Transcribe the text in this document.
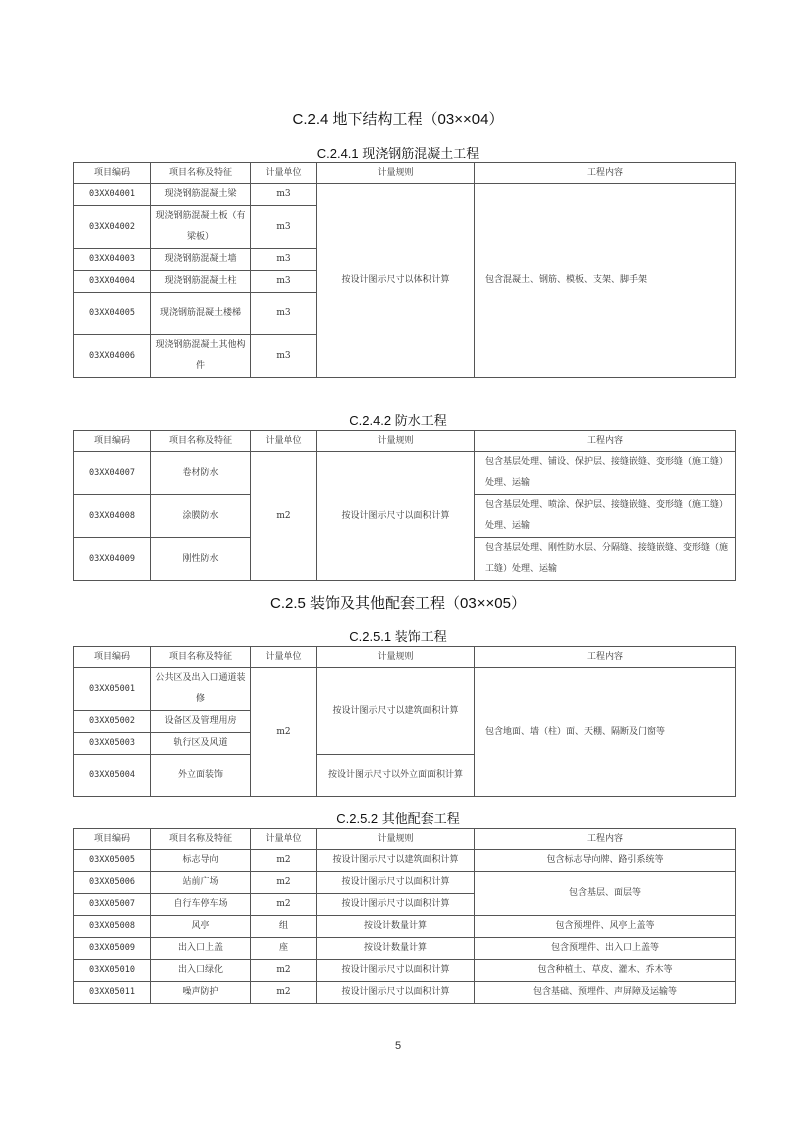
C.2.4 地下结构工程（03××04）
C.2.4.1 现浇钢筋混凝土工程
项目编码	项目名称及特征	计量单位	计量规则	工程内容
03XX04001	现浇钢筋混凝土梁	m3	按设计图示尺寸以体积计算	包含混凝土、钢筋、模板、支架、脚手架
03XX04002	现浇钢筋混凝土板（有梁板）	m3		
03XX04003	现浇钢筋混凝土墙	m3		
03XX04004	现浇钢筋混凝土柱	m3		
03XX04005	现浇钢筋混凝土楼梯	m3		
03XX04006	现浇钢筋混凝土其他构件	m3		
C.2.4.2 防水工程
项目编码	项目名称及特征	计量单位	计量规则	工程内容
03XX04007	卷材防水	m2	按设计图示尺寸以面积计算	包含基层处理、铺设、保护层、接缝嵌缝、变形缝（施工缝）处理、运输
03XX04008	涂膜防水			包含基层处理、喷涂、保护层、接缝嵌缝、变形缝（施工缝）处理、运输
03XX04009	刚性防水			包含基层处理、刚性防水层、分隔缝、接缝嵌缝、变形缝（施工缝）处理、运输
C.2.5 装饰及其他配套工程（03××05）
C.2.5.1 装饰工程
项目编码	项目名称及特征	计量单位	计量规则	工程内容
03XX05001	公共区及出入口通道装修	m2	按设计图示尺寸以建筑面积计算	包含地面、墙（柱）面、天棚、隔断及门窗等
03XX05002	设备区及管理用房			
03XX05003	轨行区及风道			
03XX05004	外立面装饰		按设计图示尺寸以外立面面积计算	
C.2.5.2 其他配套工程
项目编码	项目名称及特征	计量单位	计量规则	工程内容
03XX05005	标志导向	m2	按设计图示尺寸以建筑面积计算	包含标志导向牌、路引系统等
03XX05006	站前广场	m2	按设计图示尺寸以面积计算	包含基层、面层等
03XX05007	自行车停车场	m2	按设计图示尺寸以面积计算	
03XX05008	风亭	组	按设计数量计算	包含预埋件、风亭上盖等
03XX05009	出入口上盖	座	按设计数量计算	包含预埋件、出入口上盖等
03XX05010	出入口绿化	m2	按设计图示尺寸以面积计算	包含种植土、草皮、灌木、乔木等
03XX05011	噪声防护	m2	按设计图示尺寸以面积计算	包含基础、预埋件、声屏障及运输等
5
